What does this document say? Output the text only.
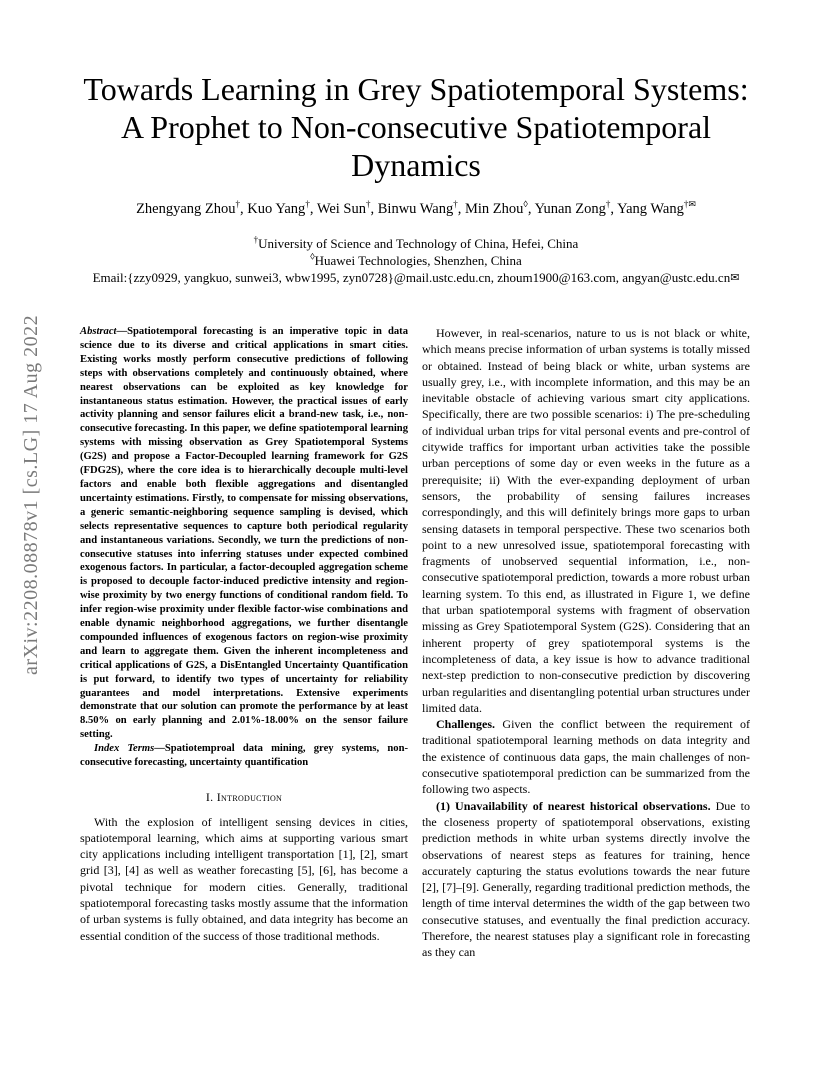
arXiv:2208.08878v1 [cs.LG] 17 Aug 2022
Towards Learning in Grey Spatiotemporal Systems:
A Prophet to Non-consecutive Spatiotemporal
Dynamics
Zhengyang Zhou†, Kuo Yang†, Wei Sun†, Binwu Wang†, Min Zhou◊, Yunan Zong†, Yang Wang†✉
†University of Science and Technology of China, Hefei, China
◊Huawei Technologies, Shenzhen, China
Email:{zzy0929, yangkuo, sunwei3, wbw1995, zyn0728}@mail.ustc.edu.cn, zhoum1900@163.com, angyan@ustc.edu.cn✉

Abstract—Spatiotemporal forecasting is an imperative topic in data science due to its diverse and critical applications in smart cities. Existing works mostly perform consecutive predictions of following steps with observations completely and continuously obtained, where nearest observations can be exploited as key knowledge for instantaneous status estimation. However, the practical issues of early activity planning and sensor failures elicit a brand-new task, i.e., non-consecutive forecasting. In this paper, we define spatiotemporal learning systems with missing observation as Grey Spatiotemporal Systems (G2S) and propose a Factor-Decoupled learning framework for G2S (FDG2S), where the core idea is to hierarchically decouple multi-level factors and enable both flexible aggregations and disentangled uncertainty estimations. Firstly, to compensate for missing observations, a generic semantic-neighboring sequence sampling is devised, which selects representative sequences to capture both periodical regularity and instantaneous variations. Secondly, we turn the predictions of non-consecutive statuses into inferring statuses under expected combined exogenous factors. In particular, a factor-decoupled aggregation scheme is proposed to decouple factor-induced predictive intensity and region-wise proximity by two energy functions of conditional random field. To infer region-wise proximity under flexible factor-wise combinations and enable dynamic neighborhood aggregations, we further disentangle compounded influences of exogenous factors on region-wise proximity and learn to aggregate them. Given the inherent incompleteness and critical applications of G2S, a DisEntangled Uncertainty Quantification is put forward, to identify two types of uncertainty for reliability guarantees and model interpretations. Extensive experiments demonstrate that our solution can promote the performance by at least 8.50% on early planning and 2.01%-18.00% on the sensor failure setting.

Index Terms—Spatiotemproal data mining, grey systems, non-consecutive forecasting, uncertainty quantification

I. Introduction

With the explosion of intelligent sensing devices in cities, spatiotemporal learning, which aims at supporting various smart city applications including intelligent transportation [1], [2], smart grid [3], [4] as well as weather forecasting [5], [6], has become a pivotal technique for modern cities. Generally, traditional spatiotemporal forecasting tasks mostly assume that the information of urban systems is fully obtained, and data integrity has become an essential condition of the success of those traditional methods.

However, in real-scenarios, nature to us is not black or white, which means precise information of urban systems is totally missed or obtained. Instead of being black or white, urban systems are usually grey, i.e., with incomplete information, and this may be an inevitable obstacle of achieving various smart city applications. Specifically, there are two possible scenarios: i) The pre-scheduling of individual urban trips for vital personal events and pre-control of citywide traffics for important urban activities take the possible urban perceptions of some day or even weeks in the future as a prerequisite; ii) With the ever-expanding deployment of urban sensors, the probability of sensing failures increases correspondingly, and this will definitely brings more gaps to urban sensing datasets in temporal perspective. These two scenarios both point to a new unresolved issue, spatiotemporal forecasting with fragments of unobserved sequential information, i.e., non-consecutive spatiotemporal prediction, towards a more robust urban learning system. To this end, as illustrated in Figure 1, we define that urban spatiotemporal systems with fragment of observation missing as Grey Spatiotemporal System (G2S). Considering that an inherent property of grey spatiotemporal systems is the incompleteness of data, a key issue is how to advance traditional next-step prediction to non-consecutive prediction by discovering urban regularities and disentangling potential urban structures under limited data.

Challenges. Given the conflict between the requirement of traditional spatiotemporal learning methods on data integrity and the existence of continuous data gaps, the main challenges of non-consecutive spatiotemporal prediction can be summarized from the following two aspects.

(1) Unavailability of nearest historical observations. Due to the closeness property of spatiotemporal observations, existing prediction methods in white urban systems directly involve the observations of nearest steps as features for training, hence accurately capturing the status evolutions towards the near future [2], [7]–[9]. Generally, regarding traditional prediction methods, the length of time interval determines the width of the gap between two consecutive statuses, and eventually the final prediction accuracy. Therefore, the nearest statuses play a significant role in forecasting as they can
